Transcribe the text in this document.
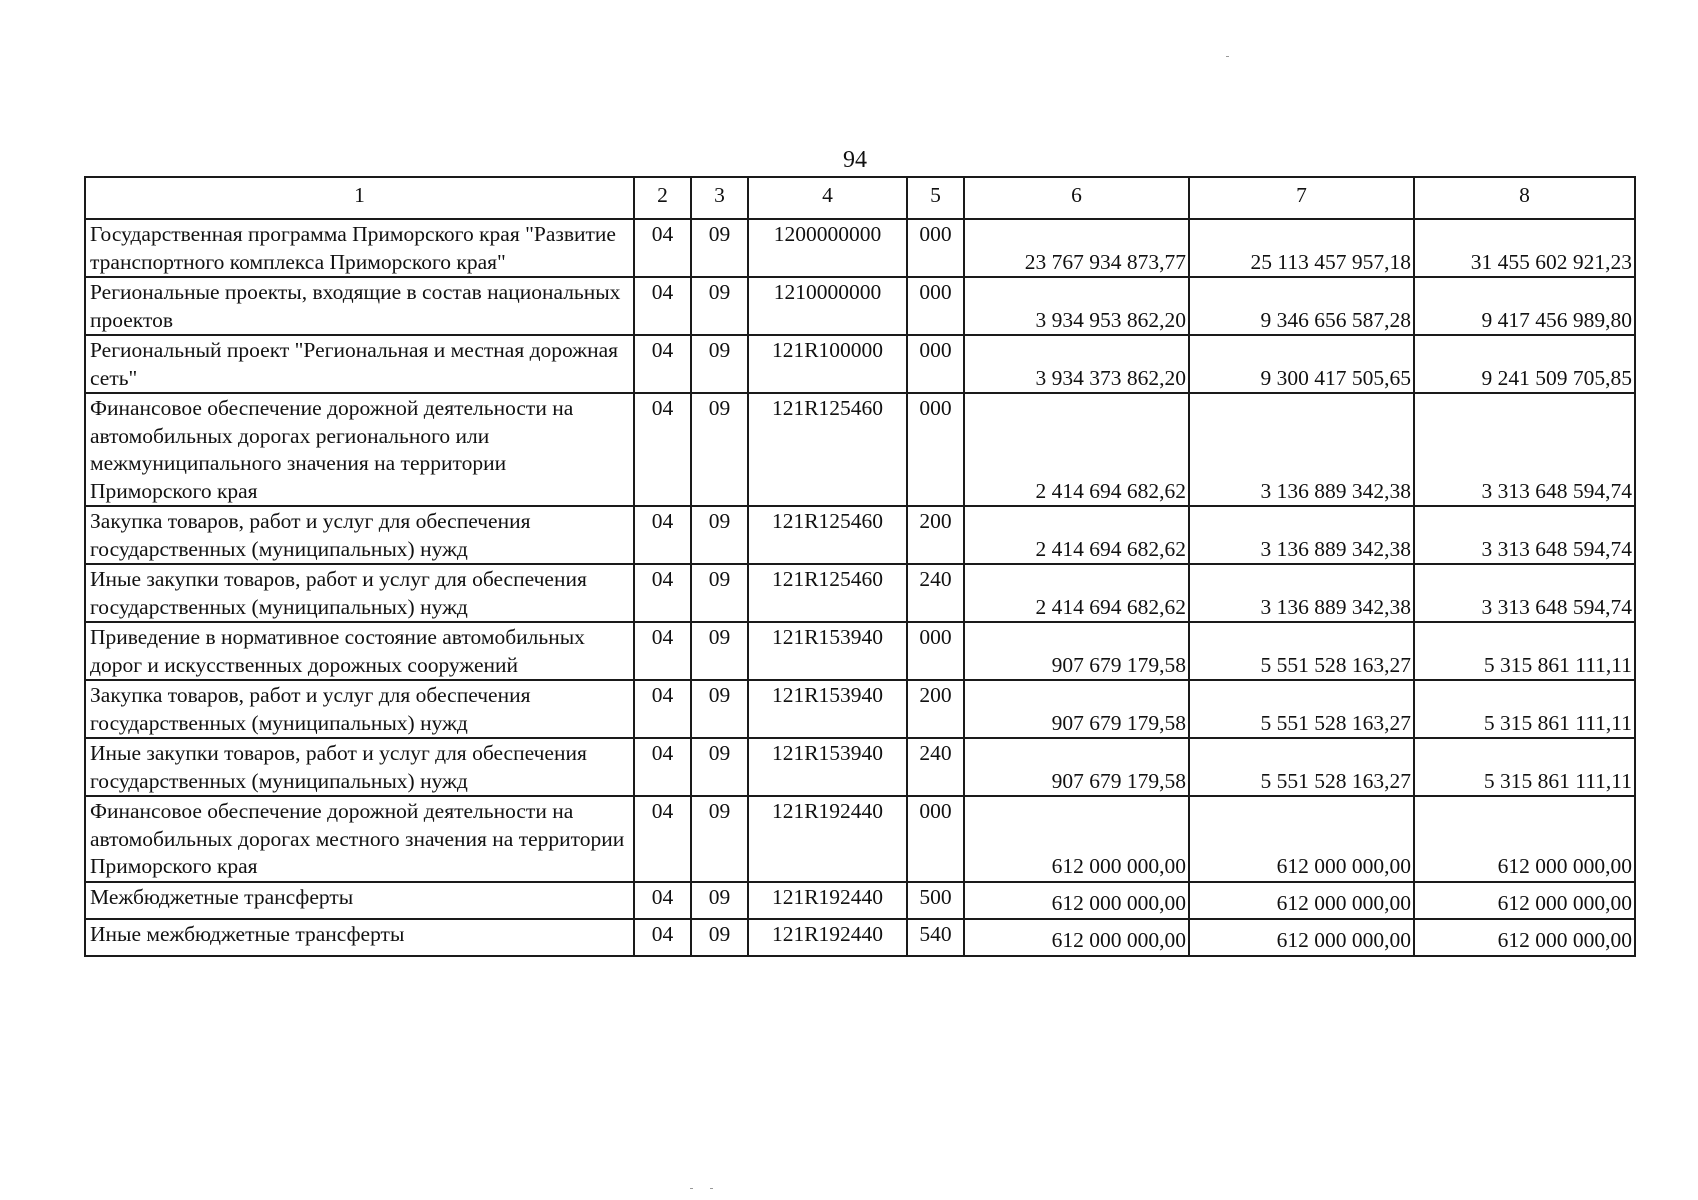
94
1	2	3	4	5	6	7	8
Государственная программа Приморского края "Развитие транспортного комплекса Приморского края"	04	09	1200000000	000	23 767 934 873,77	25 113 457 957,18	31 455 602 921,23
Региональные проекты, входящие в состав национальных проектов	04	09	1210000000	000	3 934 953 862,20	9 346 656 587,28	9 417 456 989,80
Региональный проект "Региональная и местная дорожная сеть"	04	09	121R100000	000	3 934 373 862,20	9 300 417 505,65	9 241 509 705,85
Финансовое обеспечение дорожной деятельности на автомобильных дорогах регионального или межмуниципального значения на территории Приморского края	04	09	121R125460	000	2 414 694 682,62	3 136 889 342,38	3 313 648 594,74
Закупка товаров, работ и услуг для обеспечения государственных (муниципальных) нужд	04	09	121R125460	200	2 414 694 682,62	3 136 889 342,38	3 313 648 594,74
Иные закупки товаров, работ и услуг для обеспечения государственных (муниципальных) нужд	04	09	121R125460	240	2 414 694 682,62	3 136 889 342,38	3 313 648 594,74
Приведение в нормативное состояние автомобильных дорог и искусственных дорожных сооружений	04	09	121R153940	000	907 679 179,58	5 551 528 163,27	5 315 861 111,11
Закупка товаров, работ и услуг для обеспечения государственных (муниципальных) нужд	04	09	121R153940	200	907 679 179,58	5 551 528 163,27	5 315 861 111,11
Иные закупки товаров, работ и услуг для обеспечения государственных (муниципальных) нужд	04	09	121R153940	240	907 679 179,58	5 551 528 163,27	5 315 861 111,11
Финансовое обеспечение дорожной деятельности на автомобильных дорогах местного значения на территории Приморского края	04	09	121R192440	000	612 000 000,00	612 000 000,00	612 000 000,00
Межбюджетные трансферты	04	09	121R192440	500	612 000 000,00	612 000 000,00	612 000 000,00
Иные межбюджетные трансферты	04	09	121R192440	540	612 000 000,00	612 000 000,00	612 000 000,00
